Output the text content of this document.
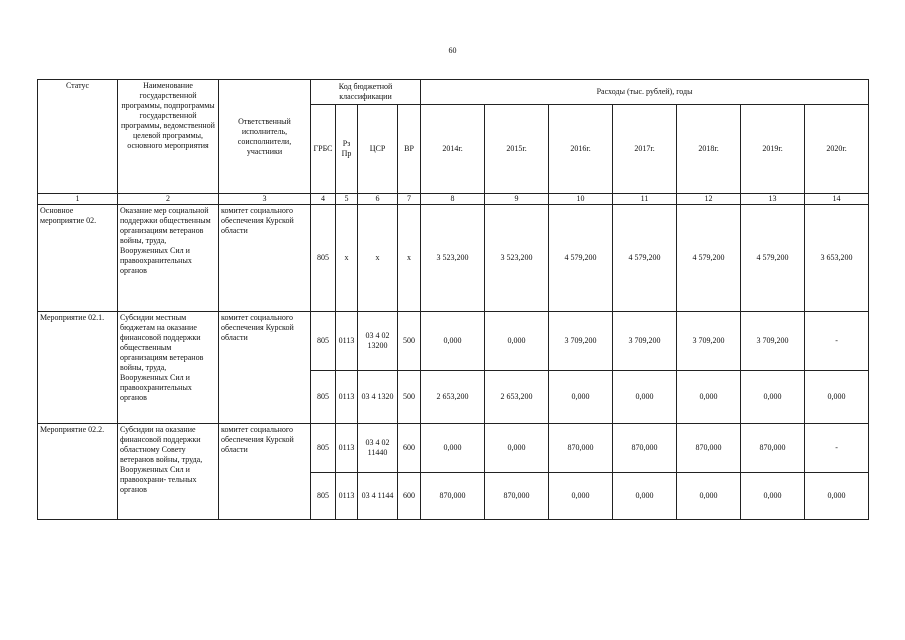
60
Статус	Наименование государственной программы, подпрограммы государственной программы, ведомственной целевой программы, основного мероприятия	Ответственный исполнитель, соисполнители, участники	Код бюджетной классификации				Расходы (тыс. рублей), годы						
			ГРБС	Рз Пр	ЦСР	ВР	2014г.	2015г.	2016г.	2017г.	2018г.	2019г.	2020г.
1	2	3	4	5	6	7	8	9	10	11	12	13	14
Основное мероприятие 02.	Оказание мер социальной поддержки общественным организациям ветеранов войны, труда, Вооруженных Сил и правоохранительных органов	комитет социального обеспечения Курской области	805	х	х	х	3 523,200	3 523,200	4 579,200	4 579,200	4 579,200	4 579,200	3 653,200
Мероприятие 02.1.	Субсидии местным бюджетам на оказание финансовой поддержки общественным организациям ветеранов войны, труда, Вооруженных Сил и правоохранительных органов	комитет социального обеспечения Курской области	805	0113	03 4 02 13200	500	0,000	0,000	3 709,200	3 709,200	3 709,200	3 709,200	-
			805	0113	03 4 1320	500	2 653,200	2 653,200	0,000	0,000	0,000	0,000	0,000
Мероприятие 02.2.	Субсидии на оказание финансовой поддержки областному Совету ветеранов войны, труда, Вооруженных Сил и правоохрани- тельных органов	комитет социального обеспечения Курской области	805	0113	03 4 02 11440	600	0,000	0,000	870,000	870,000	870,000	870,000	-
			805	0113	03 4 1144	600	870,000	870,000	0,000	0,000	0,000	0,000	0,000
